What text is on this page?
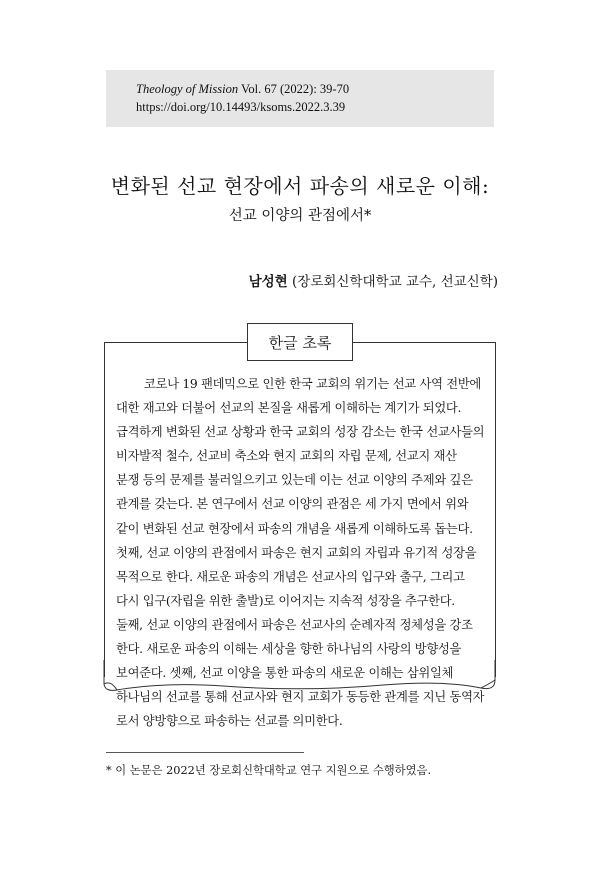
Theology of Mission Vol. 67 (2022): 39-70
https://doi.org/10.14493/ksoms.2022.3.39
변화된 선교 현장에서 파송의 새로운 이해:
선교 이양의 관점에서*
남성현 (장로회신학대학교 교수, 선교신학)
한글 초록
코로나 19 팬데믹으로 인한 한국 교회의 위기는 선교 사역 전반에
대한 재고와 더불어 선교의 본질을 새롭게 이해하는 계기가 되었다.
급격하게 변화된 선교 상황과 한국 교회의 성장 감소는 한국 선교사들의
비자발적 철수, 선교비 축소와 현지 교회의 자립 문제, 선교지 재산
분쟁 등의 문제를 불러일으키고 있는데 이는 선교 이양의 주제와 깊은
관계를 갖는다. 본 연구에서 선교 이양의 관점은 세 가지 면에서 위와
같이 변화된 선교 현장에서 파송의 개념을 새롭게 이해하도록 돕는다.
첫째, 선교 이양의 관점에서 파송은 현지 교회의 자립과 유기적 성장을
목적으로 한다. 새로운 파송의 개념은 선교사의 입구와 출구, 그리고
다시 입구(자립을 위한 출발)로 이어지는 지속적 성장을 추구한다.
둘째, 선교 이양의 관점에서 파송은 선교사의 순례자적 정체성을 강조
한다. 새로운 파송의 이해는 세상을 향한 하나님의 사랑의 방향성을
보여준다. 셋째, 선교 이양을 통한 파송의 새로운 이해는 삼위일체
하나님의 선교를 통해 선교사와 현지 교회가 동등한 관계를 지닌 동역자
로서 양방향으로 파송하는 선교를 의미한다.
* 이 논문은 2022년 장로회신학대학교 연구 지원으로 수행하였음.
